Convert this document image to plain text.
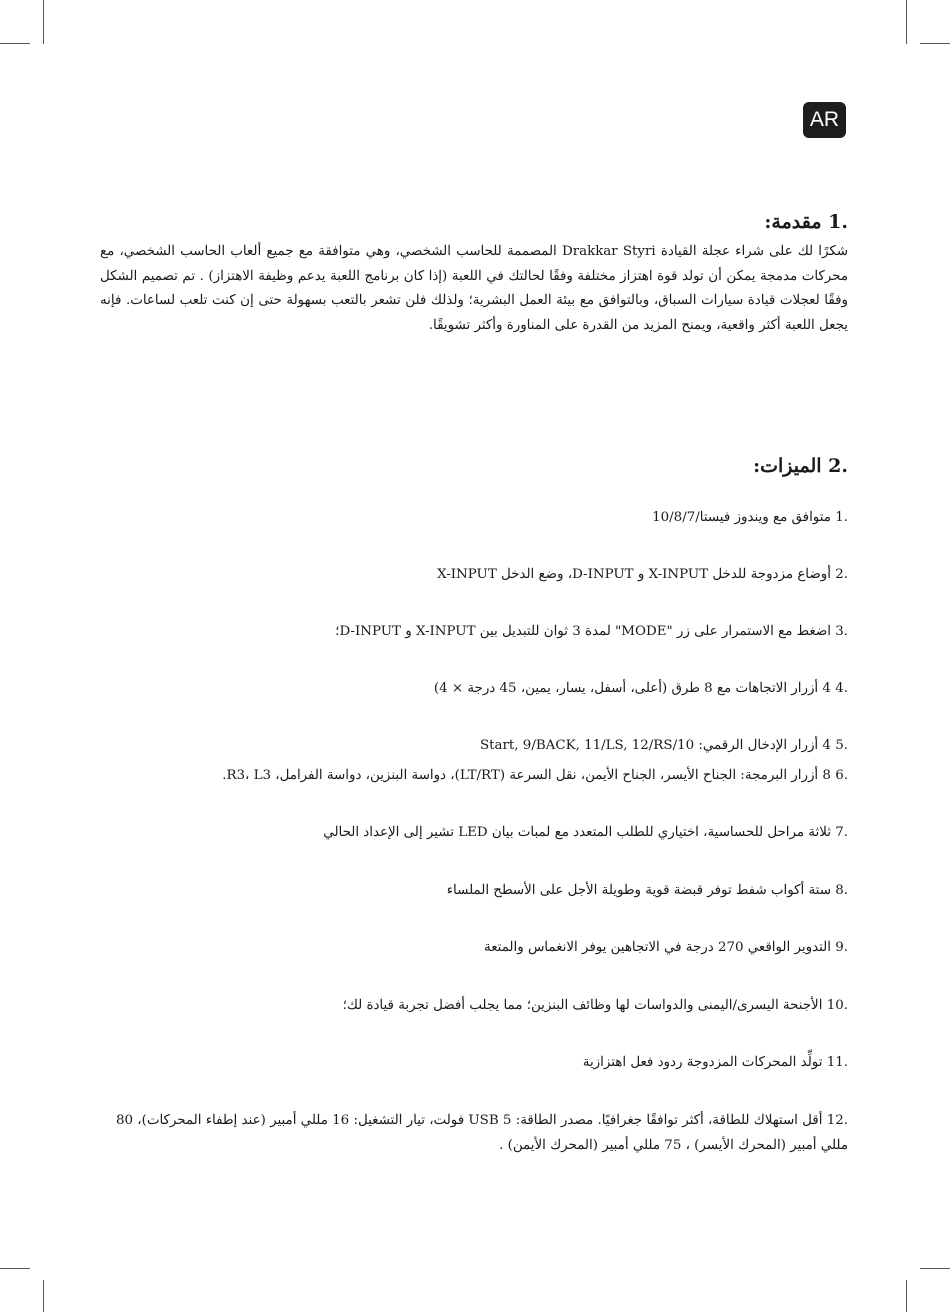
AR
.1 مقدمة:

شكرًا لك على شراء عجلة القيادة Drakkar Styri المصممة للحاسب الشخصي، وهي متوافقة مع جميع ألعاب الحاسب الشخصي، مع محركات مدمجة يمكن أن تولد قوة اهتزاز مختلفة وفقًا لحالتك في اللعبة (إذا كان برنامج اللعبة يدعم وظيفة الاهتزاز) . تم تصميم الشكل وفقًا لعجلات قيادة سيارات السباق، وبالتوافق مع بيئة العمل البشرية؛ ولذلك فلن تشعر بالتعب بسهولة حتى إن كنت تلعب لساعات. فإنه يجعل اللعبة أكثر واقعية، ويمنح المزيد من القدرة على المناورة وأكثر تشويقًا.

.2 الميزات:
.1 متوافق مع ويندوز فيستا/10/8/7
.2 أوضاع مزدوجة للدخل X-INPUT و D-INPUT، وضع الدخل X-INPUT
.3 اضغط مع الاستمرار على زر "MODE" لمدة 3 ثوان للتبديل بين X-INPUT و D-INPUT؛
.4 4 أزرار الاتجاهات مع 8 طرق (أعلى، أسفل، يسار، يمين، 45 درجة × 4)
.5 4 أزرار الإدخال الرقمي: Start, 9/BACK, 11/LS, 12/RS/10
.6 8 أزرار البرمجة: الجناح الأيسر، الجناح الأيمن، نقل السرعة (LT/RT)، دواسة البنزين، دواسة الفرامل، R3، L3.
.7 ثلاثة مراحل للحساسية، اختياري للطلب المتعدد مع لمبات بيان LED تشير إلى الإعداد الحالي
.8 ستة أكواب شفط توفر قبضة قوية وطويلة الأجل على الأسطح الملساء
.9 التدوير الواقعي 270 درجة في الاتجاهين يوفر الانغماس والمتعة
.10 الأجنحة اليسرى/اليمنى والدواسات لها وظائف البنزين؛ مما يجلب أفضل تجربة قيادة لك؛
.11 تولِّد المحركات المزدوجة ردود فعل اهتزازية
.12 أقل استهلاك للطاقة، أكثر توافقًا جغرافيًا. مصدر الطاقة: USB 5 فولت، تيار التشغيل: 16 مللي أمبير (عند إطفاء المحركات)، 80 مللي أمبير (المحرك الأيسر) ، 75 مللي أمبير (المحرك الأيمن) .
